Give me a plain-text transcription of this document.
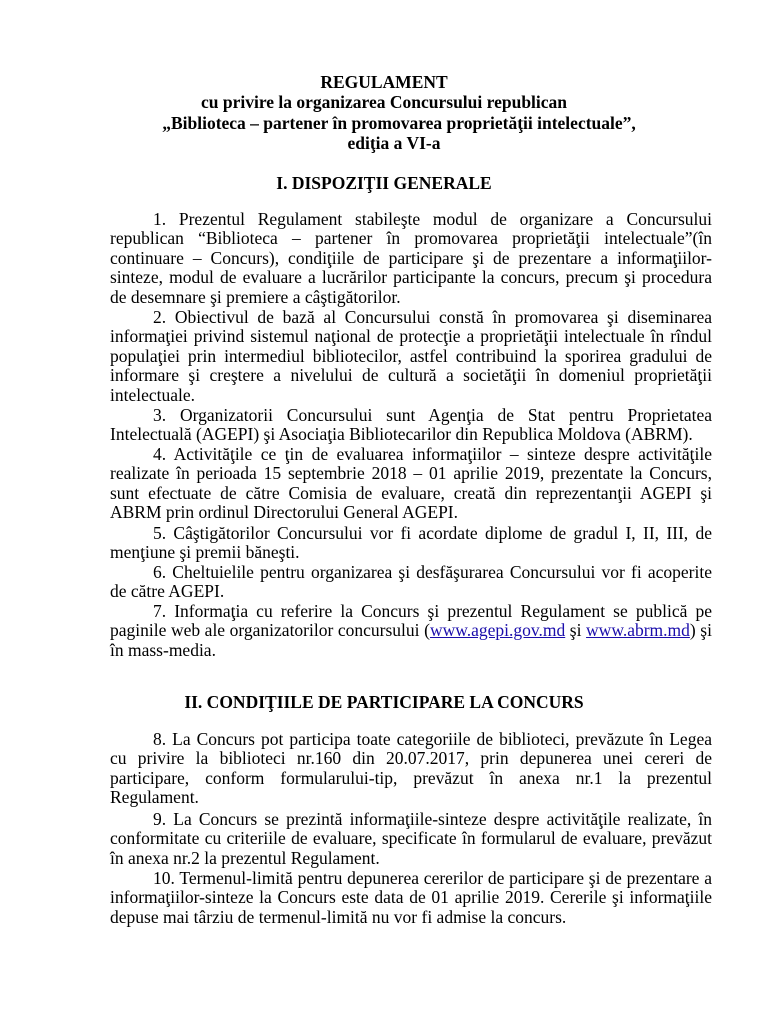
REGULAMENT
cu privire la organizarea Concursului republican
„Biblioteca – partener în promovarea proprietăţii intelectuale”,
ediţia a VI-a
I. DISPOZIŢII GENERALE

1. Prezentul Regulament stabileşte modul de organizare a Concursului republican “Biblioteca – partener în promovarea proprietăţii intelectuale”(în continuare – Concurs), condiţiile de participare şi de prezentare a informaţiilor-sinteze, modul de evaluare a lucrărilor participante la concurs, precum şi procedura de desemnare şi premiere a câştigătorilor.

2. Obiectivul de bază al Concursului constă în promovarea şi diseminarea informaţiei privind sistemul naţional de protecţie a proprietăţii intelectuale în rîndul populaţiei prin intermediul bibliotecilor, astfel contribuind la sporirea gradului de informare şi creştere a nivelului de cultură a societăţii în domeniul proprietăţii intelectuale.

3. Organizatorii Concursului sunt Agenţia de Stat pentru Proprietatea Intelectuală (AGEPI) şi Asociaţia Bibliotecarilor din Republica Moldova (ABRM).

4. Activităţile ce ţin de evaluarea informaţiilor – sinteze despre activităţile realizate în perioada 15 septembrie 2018 – 01 aprilie 2019, prezentate la Concurs, sunt efectuate de către Comisia de evaluare, creată din reprezentanţii AGEPI şi ABRM prin ordinul Directorului General AGEPI.

5. Câştigătorilor Concursului vor fi acordate diplome de gradul I, II, III, de menţiune şi premii băneşti.

6. Cheltuielile pentru organizarea şi desfăşurarea Concursului vor fi acoperite de către AGEPI.

7. Informaţia cu referire la Concurs şi prezentul Regulament se publică pe paginile web ale organizatorilor concursului (www.agepi.gov.md şi www.abrm.md) şi în mass-media.

II. CONDIŢIILE DE PARTICIPARE LA CONCURS

8. La Concurs pot participa toate categoriile de biblioteci, prevăzute în Legea cu privire la biblioteci nr.160 din 20.07.2017, prin depunerea unei cereri de participare, conform formularului-tip, prevăzut în anexa nr.1 la prezentul Regulament.

9. La Concurs se prezintă informaţiile-sinteze despre activităţile realizate, în conformitate cu criteriile de evaluare, specificate în formularul de evaluare, prevăzut în anexa nr.2 la prezentul Regulament.

10. Termenul-limită pentru depunerea cererilor de participare şi de prezentare a informaţiilor-sinteze la Concurs este data de 01 aprilie 2019. Cererile şi informaţiile depuse mai târziu de termenul-limită nu vor fi admise la concurs.
